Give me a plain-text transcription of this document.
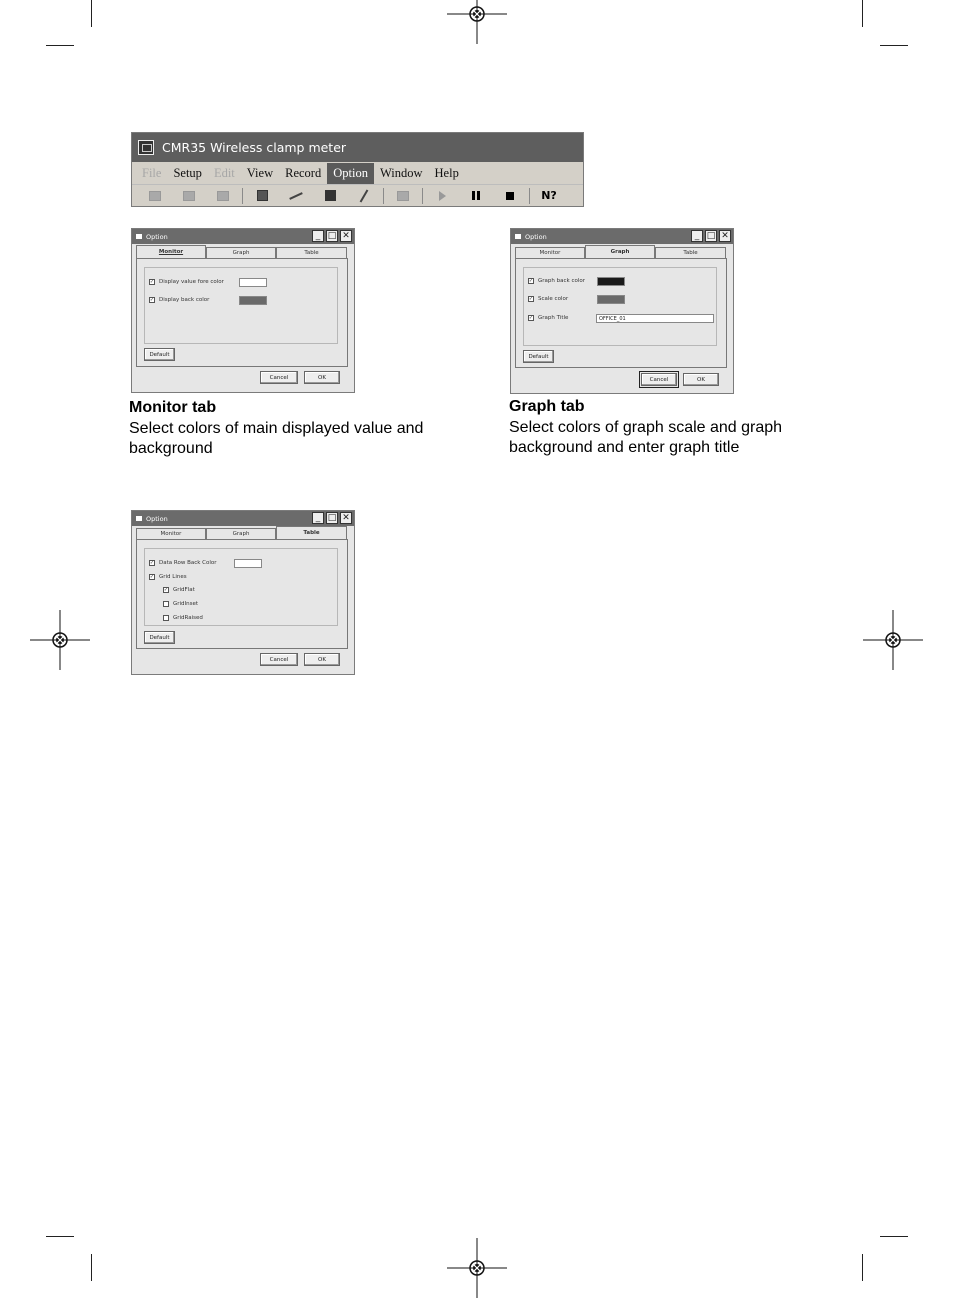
CMR35 Wireless clamp meter
File Setup Edit View Record Option Window Help
N?
Option	_ □ ✕
Monitor	Graph	Table
✓ Display value fore color
✓ Display back color
Default
Cancel	OK
Option	_ □ ✕
Monitor	Graph	Table
✓ Graph back color
✓ Scale color
✓ Graph Title	OFFICE_01
Default
Cancel	OK
Monitor tab
Select colors of main displayed value and
background
Graph tab
Select colors of graph scale and graph
background and enter graph title
Option	_ □ ✕
Monitor	Graph	Table
✓ Data Row Back Color
✓ Grid Lines
✓ GridFlat
GridInset
GridRaised
Default
Cancel	OK
